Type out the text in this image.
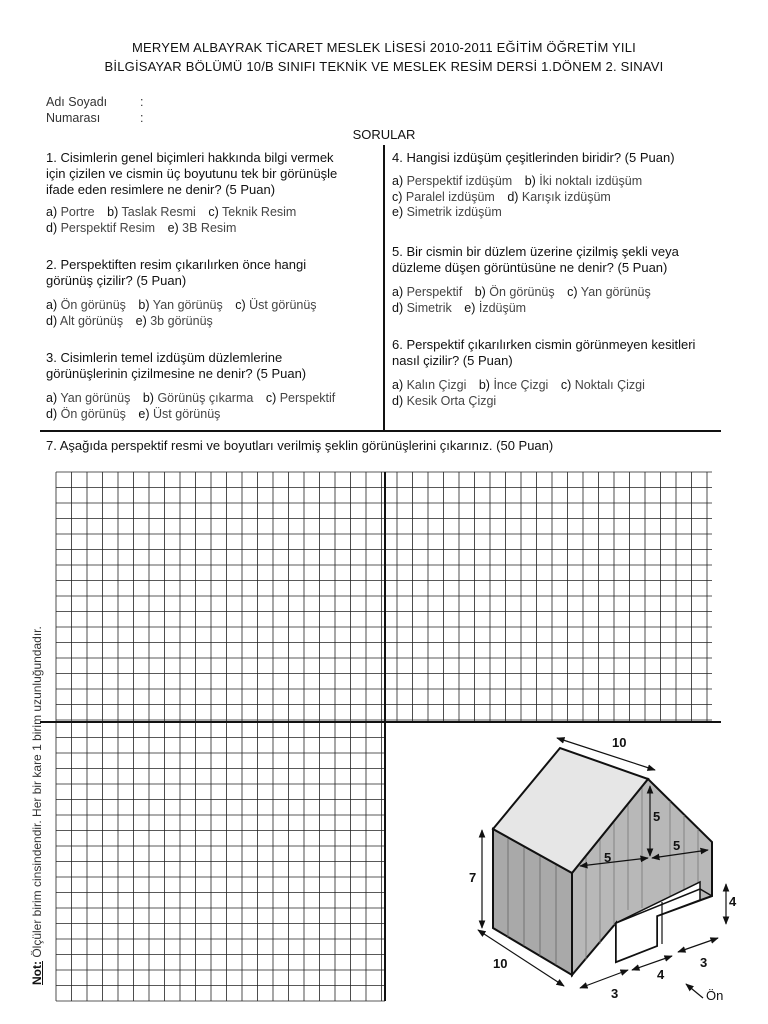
MERYEM ALBAYRAK TİCARET MESLEK LİSESİ 2010-2011 EĞİTİM ÖĞRETİM YILI
BİLGİSAYAR BÖLÜMÜ 10/B SINIFI TEKNİK VE MESLEK RESİM DERSİ 1.DÖNEM 2. SINAVI
Adı Soyadı	:
Numarası	:
SORULAR
1. Cisimlerin genel biçimleri hakkında bilgi vermek
için çizilen ve cismin üç boyutunu tek bir görünüşle
ifade eden resimlere ne denir? (5 Puan)
a) Portre  b) Taslak Resmi  c) Teknik Resim
d) Perspektif Resim  e) 3B Resim
2. Perspektiften resim çıkarılırken önce hangi
görünüş çizilir? (5 Puan)
a) Ön görünüş  b) Yan görünüş  c) Üst görünüş
d) Alt görünüş  e) 3b görünüş
3. Cisimlerin temel izdüşüm düzlemlerine
görünüşlerinin çizilmesine ne denir? (5 Puan)
a) Yan görünüş  b) Görünüş çıkarma  c) Perspektif
d) Ön görünüş  e) Üst görünüş
4. Hangisi izdüşüm çeşitlerinden biridir? (5 Puan)
a) Perspektif izdüşüm  b) İki noktalı izdüşüm
c) Paralel izdüşüm  d) Karışık izdüşüm
e) Simetrik izdüşüm
5. Bir cismin bir düzlem üzerine çizilmiş şekli veya
düzleme düşen görüntüsüne ne denir? (5 Puan)
a) Perspektif  b) Ön görünüş  c) Yan görünüş
d) Simetrik  e) İzdüşüm
6. Perspektif çıkarılırken cismin görünmeyen kesitleri
nasıl çizilir? (5 Puan)
a) Kalın Çizgi  b) İnce Çizgi  c) Noktalı Çizgi
d) Kesik Orta Çizgi
7. Aşağıda perspektif resmi ve boyutları verilmiş şeklin görünüşlerini çıkarınız. (50 Puan)
Not: Ölçüler birim cinsindendir. Her bir kare 1 birim uzunluğundadır.	10
5
5
5
7
4
10
3
4
3
Ön
